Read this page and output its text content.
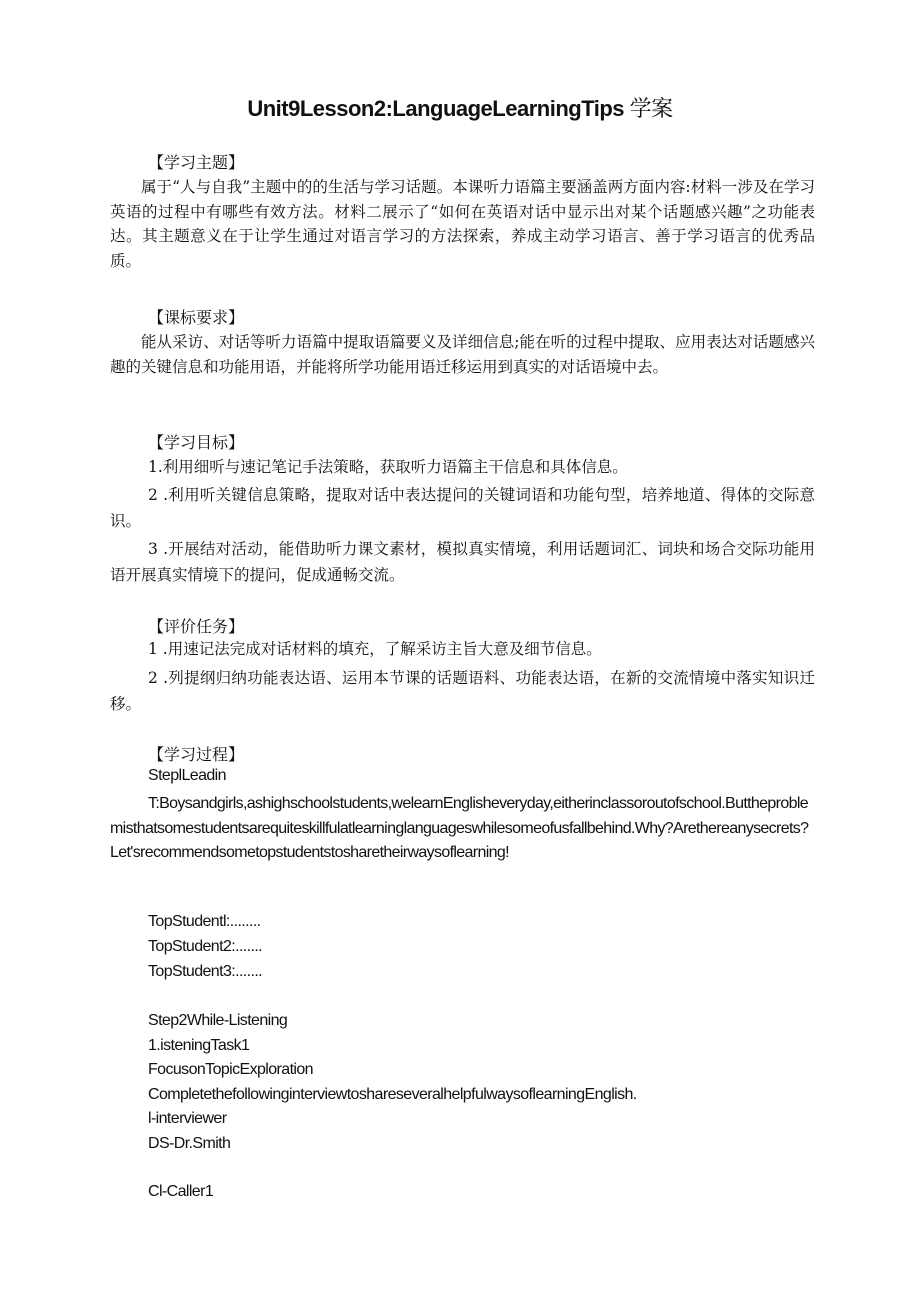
Unit9Lesson2:LanguageLearningTips 学案
【学习主题】

属于“人与自我”主题中的的生活与学习话题。本课听力语篇主要涵盖两方面内容:材料一涉及在学习英语的过程中有哪些有效方法。材料二展示了“如何在英语对话中显示出对某个话题感兴趣”之功能表达。其主题意义在于让学生通过对语言学习的方法探索，养成主动学习语言、善于学习语言的优秀品质。

【课标要求】

能从采访、对话等听力语篇中提取语篇要义及详细信息;能在听的过程中提取、应用表达对话题感兴趣的关键信息和功能用语，并能将所学功能用语迁移运用到真实的对话语境中去。

【学习目标】

1.利用细听与速记笔记手法策略，获取听力语篇主干信息和具体信息。

2 .利用听关键信息策略，提取对话中表达提问的关键词语和功能句型，培养地道、得体的交际意识。

3 .开展结对活动，能借助听力课文素材，模拟真实情境，利用话题词汇、词块和场合交际功能用语开展真实情境下的提问，促成通畅交流。

【评价任务】

1 .用速记法完成对话材料的填充，了解采访主旨大意及细节信息。

2 .列提纲归纳功能表达语、运用本节课的话题语料、功能表达语，在新的交流情境中落实知识迁移。

【学习过程】
SteplLeadin

T:Boysandgirls,ashighschoolstudents,welearnEnglisheveryday,eitherinclassoroutofschool.Buttheproblemisthatsomestudentsarequiteskillfulatlearninglanguageswhilesomeofusfallbehind.Why?Arethereanysecrets?Let'srecommendsometopstudentstosharetheirwaysoflearning!

TopStudentl:........
TopStudent2:.......
TopStudent3:.......
Step2While-Listening
1.isteningTask1
FocusonTopicExploration
CompletethefollowinginterviewtoshareseveralhelpfulwaysoflearningEnglish.
l-interviewer
DS-Dr.Smith
Cl-Caller1
